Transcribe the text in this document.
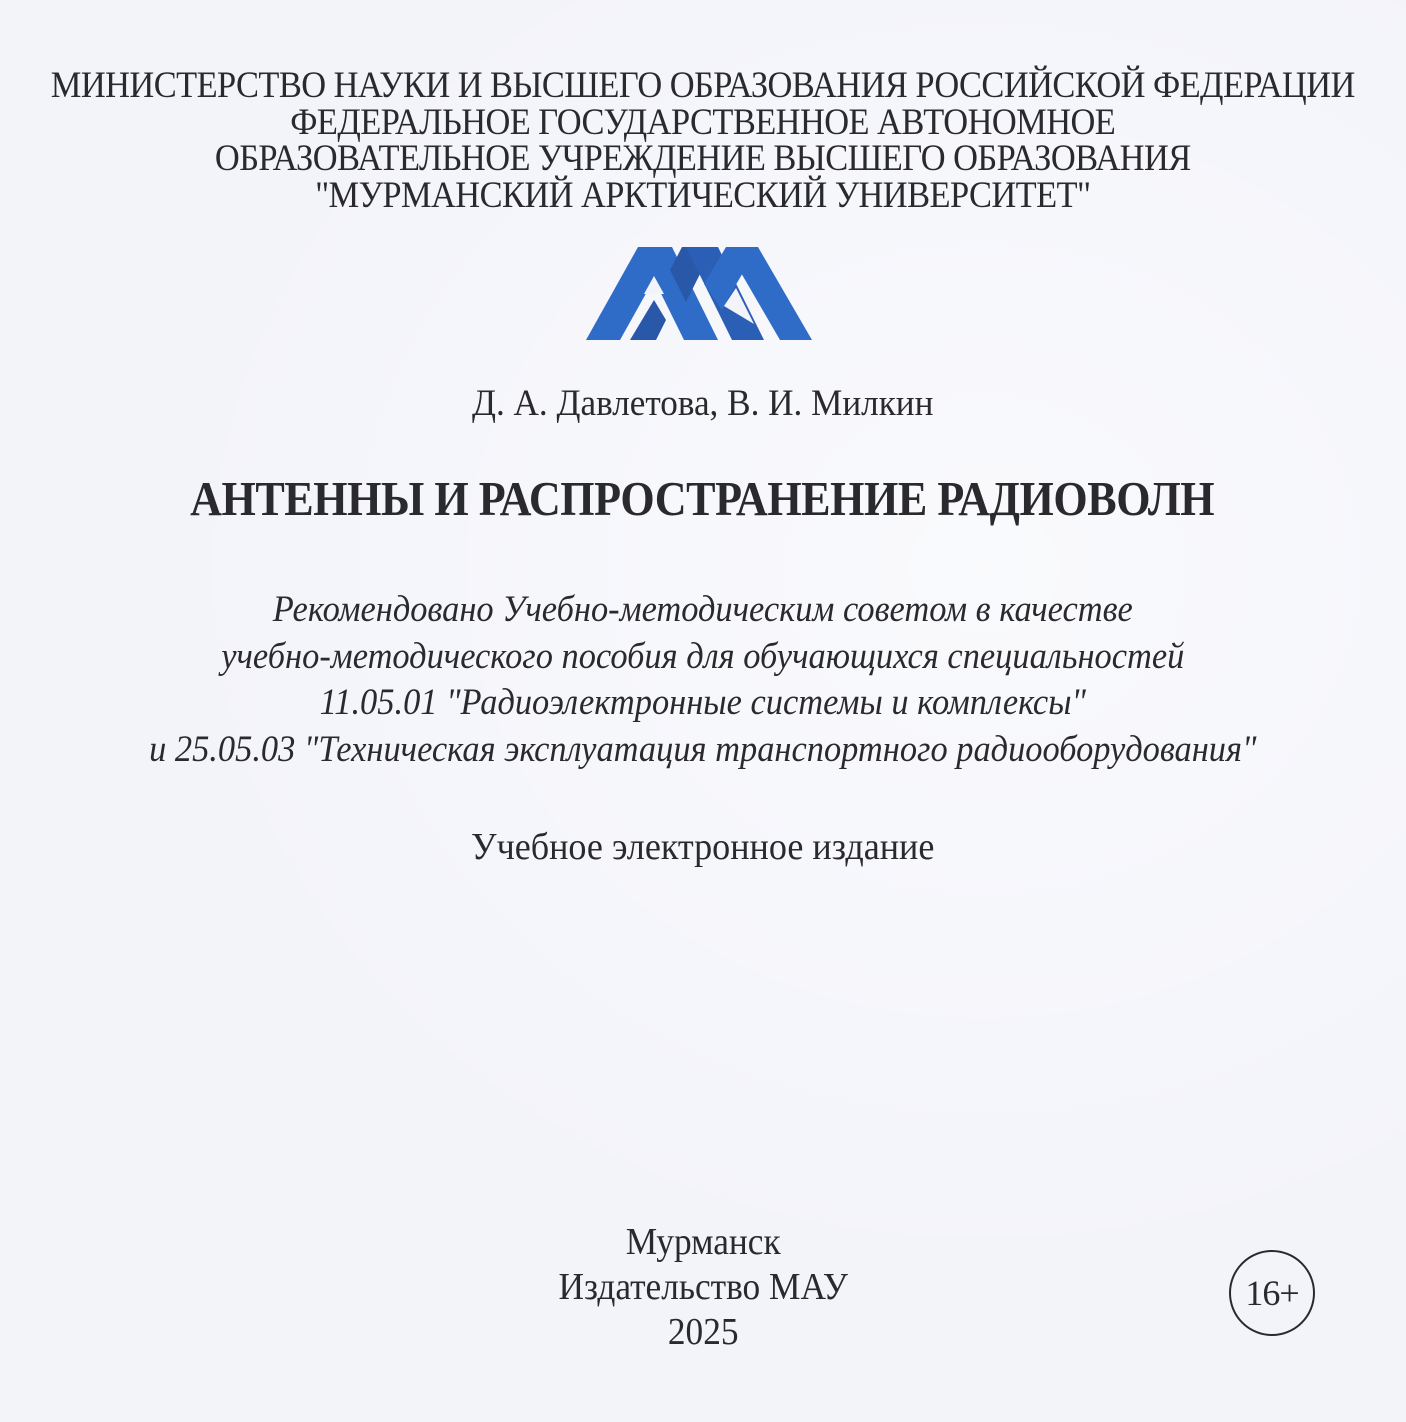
МИНИСТЕРСТВО НАУКИ И ВЫСШЕГО ОБРАЗОВАНИЯ РОССИЙСКОЙ ФЕДЕРАЦИИ
ФЕДЕРАЛЬНОЕ ГОСУДАРСТВЕННОЕ АВТОНОМНОЕ
ОБРАЗОВАТЕЛЬНОЕ УЧРЕЖДЕНИЕ ВЫСШЕГО ОБРАЗОВАНИЯ
"МУРМАНСКИЙ АРКТИЧЕСКИЙ УНИВЕРСИТЕТ"
Д. А. Давлетова, В. И. Милкин
АНТЕННЫ И РАСПРОСТРАНЕНИЕ РАДИОВОЛН
Рекомендовано Учебно-методическим советом в качестве
учебно-методического пособия для обучающихся специальностей
11.05.01 "Радиоэлектронные системы и комплексы"
и 25.05.03 "Техническая эксплуатация транспортного радиооборудования"
Учебное электронное издание
Мурманск
Издательство МАУ
2025
16+
